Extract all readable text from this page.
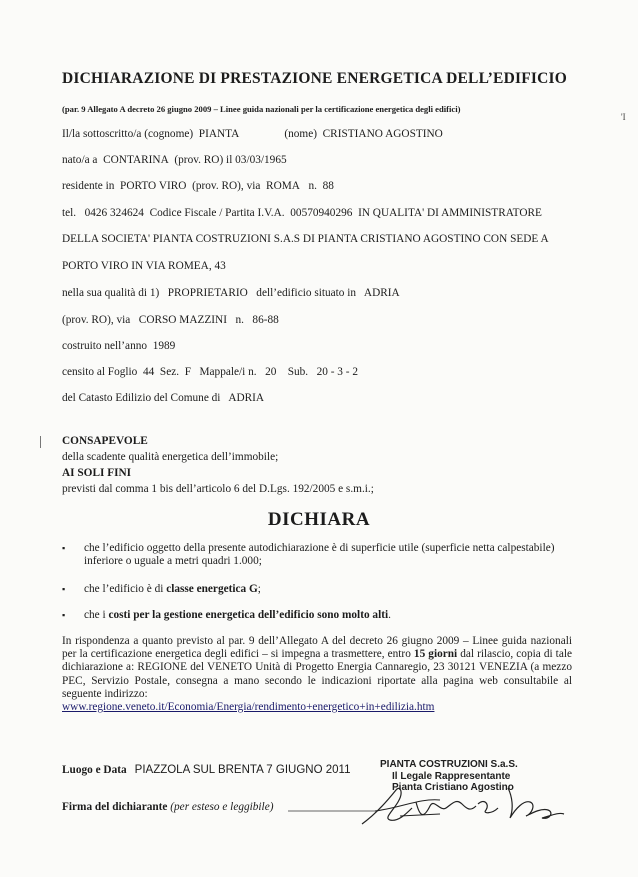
DICHIARAZIONE DI PRESTAZIONE ENERGETICA DELL’EDIFICIO
(par. 9 Allegato A decreto 26 giugno 2009 – Linee guida nazionali per la certificazione energetica degli edifici)
'I
Il/la sottoscritto/a (cognome) PIANTA	(nome) CRISTIANO AGOSTINO
nato/a a CONTARINA (prov. RO) il 03/03/1965
residente in PORTO VIRO (prov. RO), via ROMA n. 88
tel. 0426 324624 Codice Fiscale / Partita I.V.A. 00570940296 IN QUALITA' DI AMMINISTRATORE
DELLA SOCIETA' PIANTA COSTRUZIONI S.A.S DI PIANTA CRISTIANO AGOSTINO CON SEDE A
PORTO VIRO IN VIA ROMEA, 43
nella sua qualità di 1) PROPRIETARIO dell’edificio situato in ADRIA
(prov. RO), via CORSO MAZZINI n. 86-88
costruito nell’anno 1989
censito al Foglio 44 Sez. F Mappale/i n. 20 Sub. 20 - 3 - 2
del Catasto Edilizio del Comune di ADRIA
CONSAPEVOLE
della scadente qualità energetica dell’immobile;
AI SOLI FINI
previsti dal comma 1 bis dell’articolo 6 del D.Lgs. 192/2005 e s.m.i.;
DICHIARA
▪	che l’edificio oggetto della presente autodichiarazione è di superficie utile (superficie netta calpestabile)
inferiore o uguale a metri quadri 1.000;
▪	che l’edificio è di classe energetica G;
▪	che i costi per la gestione energetica dell’edificio sono molto alti.
In rispondenza a quanto previsto al par. 9 dell’Allegato A del decreto 26 giugno 2009 – Linee guida nazionali per la certificazione energetica degli edifici – si impegna a trasmettere, entro 15 giorni dal rilascio, copia di tale dichiarazione a: REGIONE del VENETO Unità di Progetto Energia Cannaregio, 23 30121 VENEZIA (a mezzo PEC, Servizio Postale, consegna a mano secondo le indicazioni riportate alla pagina web consultabile al seguente indirizzo:
www.regione.veneto.it/Economia/Energia/rendimento+energetico+in+edilizia.htm
Luogo e Data PIAZZOLA SUL BRENTA 7 GIUGNO 2011
Firma del dichiarante (per esteso e leggibile)
PIANTA COSTRUZIONI S.a.S.
Il Legale Rappresentante
Pianta Cristiano Agostino
